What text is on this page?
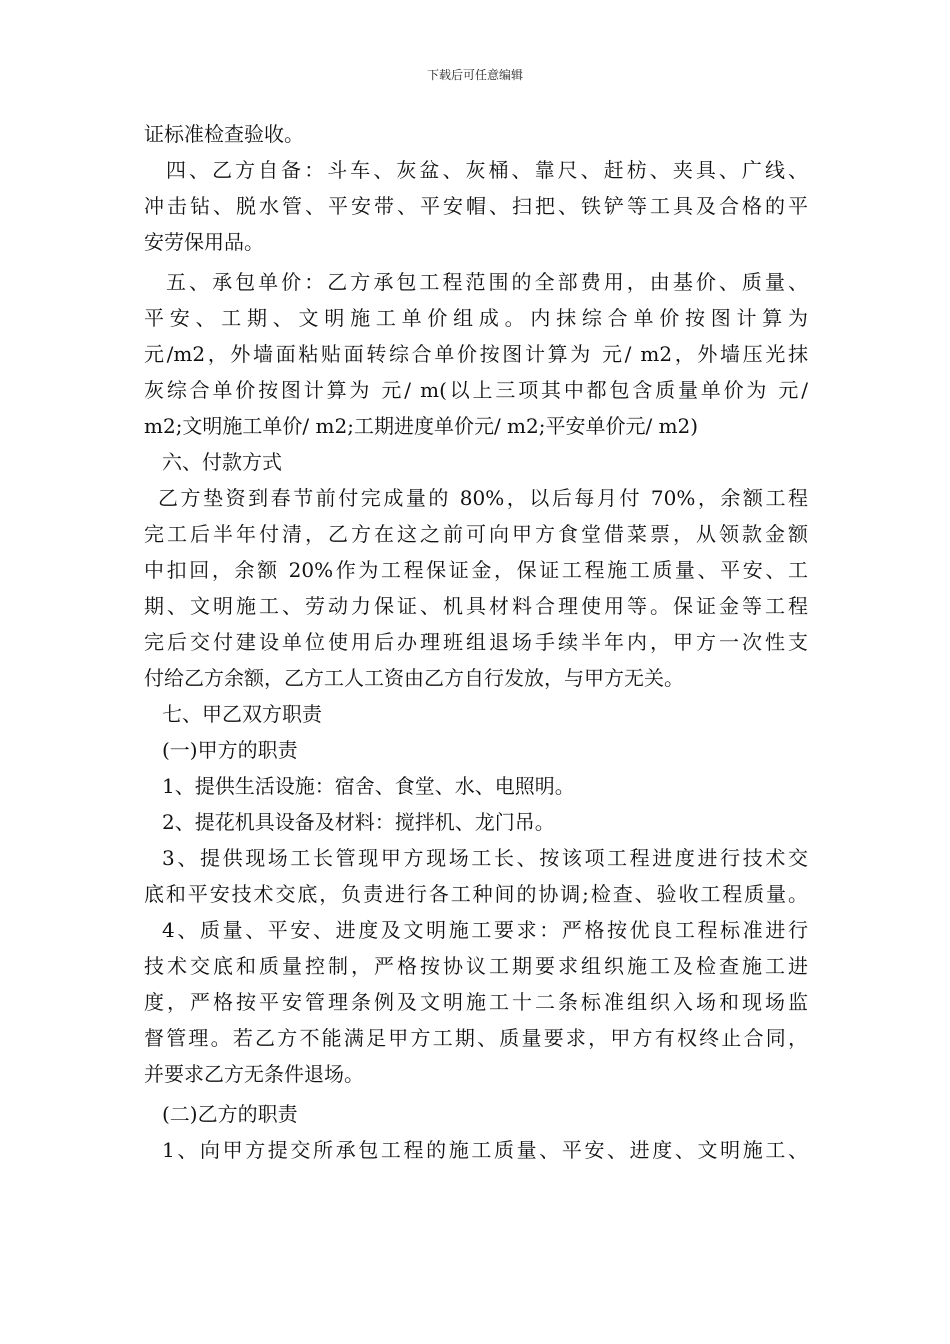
下载后可任意编辑
证标准检查验收。
四、乙方自备：斗车、灰盆、灰桶、靠尺、赶枋、夹具、广线、
冲击钻、脱水管、平安带、平安帽、扫把、铁铲等工具及合格的平
安劳保用品。
五、承包单价：乙方承包工程范围的全部费用，由基价、质量、
平安、工期、文明施工单价组成。内抹综合单价按图计算为
元/m2，外墙面粘贴面转综合单价按图计算为 元/ m2，外墙压光抹
灰综合单价按图计算为 元/ m(以上三项其中都包含质量单价为 元/
m2;文明施工单价/ m2;工期进度单价元/ m2;平安单价元/ m2)
六、付款方式
乙方垫资到春节前付完成量的 80%，以后每月付 70%，余额工程
完工后半年付清，乙方在这之前可向甲方食堂借菜票，从领款金额
中扣回，余额 20%作为工程保证金，保证工程施工质量、平安、工
期、文明施工、劳动力保证、机具材料合理使用等。保证金等工程
完后交付建设单位使用后办理班组退场手续半年内，甲方一次性支
付给乙方余额，乙方工人工资由乙方自行发放，与甲方无关。
七、甲乙双方职责
(一)甲方的职责
1、提供生活设施：宿舍、食堂、水、电照明。
2、提花机具设备及材料：搅拌机、龙门吊。
3、提供现场工长管现甲方现场工长、按该项工程进度进行技术交
底和平安技术交底，负责进行各工种间的协调;检查、验收工程质量。
4、质量、平安、进度及文明施工要求：严格按优良工程标准进行
技术交底和质量控制，严格按协议工期要求组织施工及检查施工进
度，严格按平安管理条例及文明施工十二条标准组织入场和现场监
督管理。若乙方不能满足甲方工期、质量要求，甲方有权终止合同，
并要求乙方无条件退场。
(二)乙方的职责
1、向甲方提交所承包工程的施工质量、平安、进度、文明施工、
